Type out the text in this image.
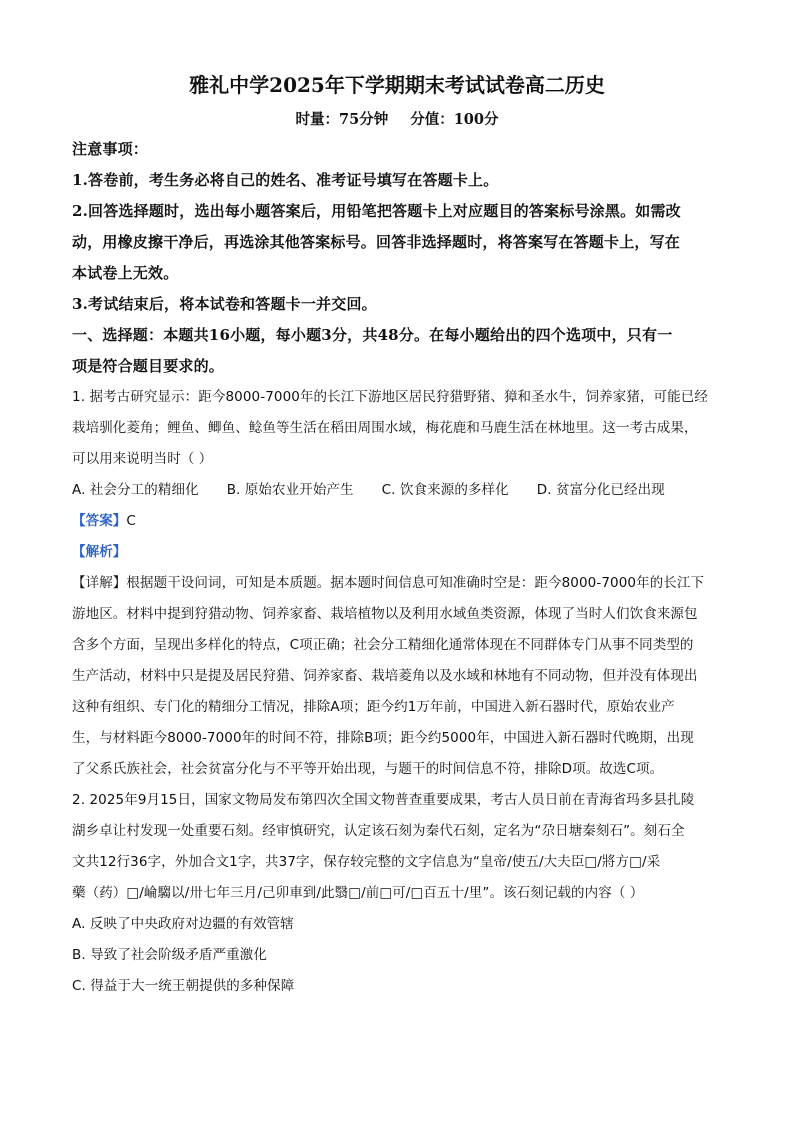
雅礼中学2025年下学期期末考试试卷高二历史
时量：75分钟 分值：100分

注意事项：

1.答卷前，考生务必将自己的姓名、准考证号填写在答题卡上。

2.回答选择题时，选出每小题答案后，用铅笔把答题卡上对应题目的答案标号涂黑。如需改

动，用橡皮擦干净后，再选涂其他答案标号。回答非选择题时，将答案写在答题卡上，写在

本试卷上无效。

3.考试结束后，将本试卷和答题卡一并交回。

一、选择题：本题共16小题，每小题3分，共48分。在每小题给出的四个选项中，只有一

项是符合题目要求的。

1. 据考古研究显示：距今8000-7000年的长江下游地区居民狩猎野猪、獐和圣水牛，饲养家猪，可能已经

栽培驯化菱角；鲤鱼、鲫鱼、鲶鱼等生活在稻田周围水域，梅花鹿和马鹿生活在林地里。这一考古成果，

可以用来说明当时（ ）

A. 社会分工的精细化 B. 原始农业开始产生 C. 饮食来源的多样化 D. 贫富分化已经出现

【答案】C

【解析】

【详解】根据题干设问词，可知是本质题。据本题时间信息可知准确时空是：距今8000-7000年的长江下

游地区。材料中提到狩猎动物、饲养家畜、栽培植物以及利用水域鱼类资源，体现了当时人们饮食来源包

含多个方面，呈现出多样化的特点，C项正确；社会分工精细化通常体现在不同群体专门从事不同类型的

生产活动，材料中只是提及居民狩猎、饲养家畜、栽培菱角以及水域和林地有不同动物，但并没有体现出

这种有组织、专门化的精细分工情况，排除A项；距今约1万年前，中国进入新石器时代，原始农业产

生，与材料距今8000-7000年的时间不符，排除B项；距今约5000年，中国进入新石器时代晚期，出现

了父系氏族社会，社会贫富分化与不平等开始出现，与题干的时间信息不符，排除D项。故选C项。

2. 2025年9月15日，国家文物局发布第四次全国文物普查重要成果，考古人员日前在青海省玛多县扎陵

湖乡卓让村发现一处重要石刻。经审慎研究，认定该石刻为秦代石刻，定名为“尕日塘秦刻石”。刻石全

文共12行36字，外加合文1字，共37字，保存较完整的文字信息为“皇帝/使五/大夫臣□/將方□/采

藥（药）□/崘騶以/卅七年三月/己卯車到/此翳□/前□可/□百五十/里”。该石刻记载的内容（ ）

A. 反映了中央政府对边疆的有效管辖

B. 导致了社会阶级矛盾严重激化

C. 得益于大一统王朝提供的多种保障
